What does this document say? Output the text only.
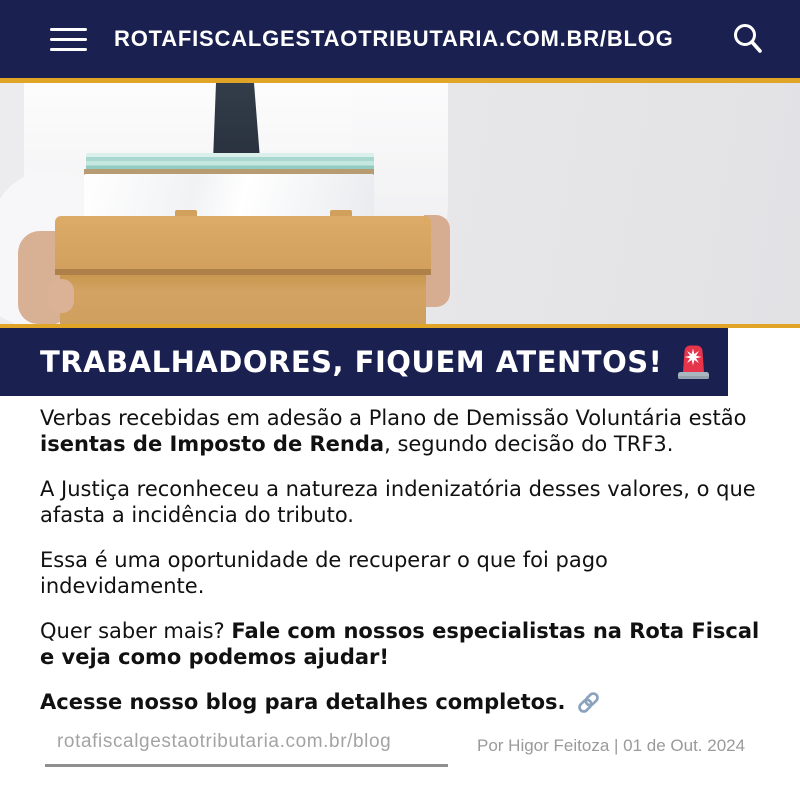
ROTAFISCALGESTAOTRIBUTARIA.COM.BR/BLOG
TRABALHADORES, FIQUEM ATENTOS!

Verbas recebidas em adesão a Plano de Demissão Voluntária estão isentas de Imposto de Renda, segundo decisão do TRF3.

A Justiça reconheceu a natureza indenizatória desses valores, o que afasta a incidência do tributo.

Essa é uma oportunidade de recuperar o que foi pago indevidamente.

Quer saber mais? Fale com nossos especialistas na Rota Fiscal e veja como podemos ajudar!

Acesse nosso blog para detalhes completos.
rotafiscalgestaotributaria.com.br/blog	Por Higor Feitoza | 01 de Out. 2024
